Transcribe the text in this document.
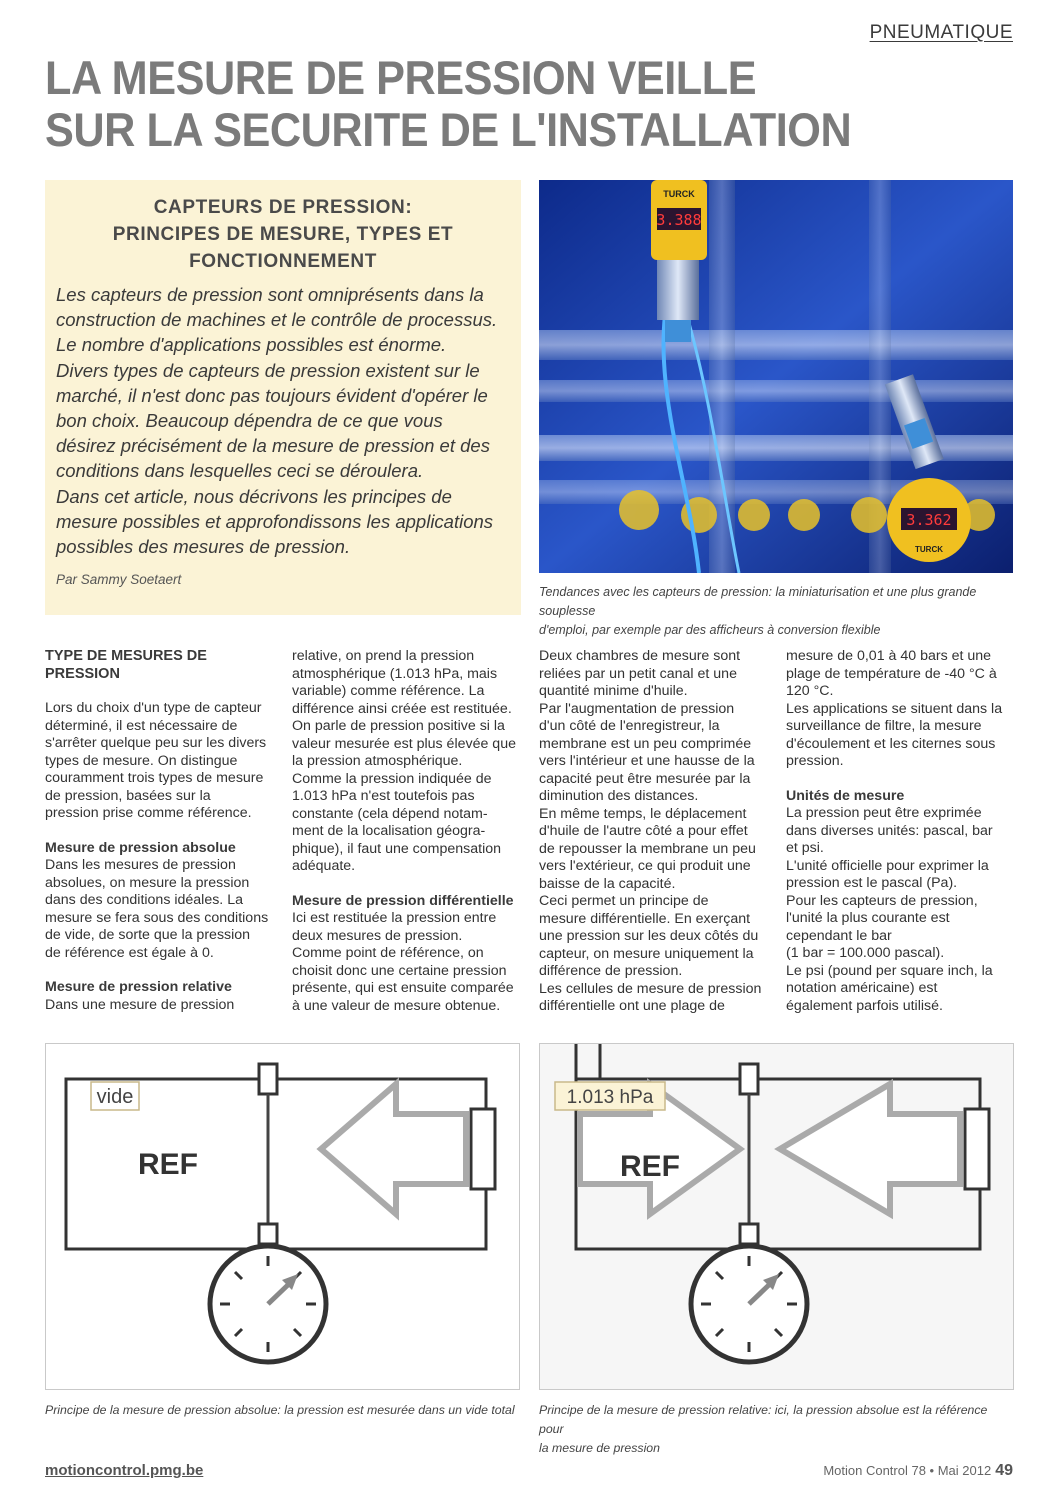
PNEUMATIQUE
LA MESURE DE PRESSION VEILLE
SUR LA SECURITE DE L'INSTALLATION
CAPTEURS DE PRESSION:
PRINCIPES DE MESURE, TYPES ET
FONCTIONNEMENT
Les capteurs de pression sont omniprésents dans la
construction de machines et le contrôle de processus.
Le nombre d'applications possibles est énorme.
Divers types de capteurs de pression existent sur le
marché, il n'est donc pas toujours évident d'opérer le
bon choix. Beaucoup dépendra de ce que vous
désirez précisément de la mesure de pression et des
conditions dans lesquelles ceci se déroulera.
Dans cet article, nous décrivons les principes de
mesure possibles et approfondissons les applications
possibles des mesures de pression.
Par Sammy Soetaert
3.388
TURCK
3.362
TURCK
Tendances avec les capteurs de pression: la miniaturisation et une plus grande souplesse
d'emploi, par exemple par des afficheurs à conversion flexible
TYPE DE MESURES DE
PRESSION
Lors du choix d'un type de capteur
déterminé, il est nécessaire de
s'arrêter quelque peu sur les divers
types de mesure. On distingue
couramment trois types de mesure
de pression, basées sur la
pression prise comme référence.
Mesure de pression absolue
Dans les mesures de pression
absolues, on mesure la pression
dans des conditions idéales. La
mesure se fera sous des conditions
de vide, de sorte que la pression
de référence est égale à 0.
Mesure de pression relative
Dans une mesure de pression
relative, on prend la pression
atmosphérique (1.013 hPa, mais
variable) comme référence. La
différence ainsi créée est restituée.
On parle de pression positive si la
valeur mesurée est plus élevée que
la pression atmosphérique.
Comme la pression indiquée de
1.013 hPa n'est toutefois pas
constante (cela dépend notam-
ment de la localisation géogra-
phique), il faut une compensation
adéquate.
Mesure de pression différentielle
Ici est restituée la pression entre
deux mesures de pression.
Comme point de référence, on
choisit donc une certaine pression
présente, qui est ensuite comparée
à une valeur de mesure obtenue.
Deux chambres de mesure sont
reliées par un petit canal et une
quantité minime d'huile.
Par l'augmentation de pression
d'un côté de l'enregistreur, la
membrane est un peu comprimée
vers l'intérieur et une hausse de la
capacité peut être mesurée par la
diminution des distances.
En même temps, le déplacement
d'huile de l'autre côté a pour effet
de repousser la membrane un peu
vers l'extérieur, ce qui produit une
baisse de la capacité.
Ceci permet un principe de
mesure différentielle. En exerçant
une pression sur les deux côtés du
capteur, on mesure uniquement la
différence de pression.
Les cellules de mesure de pression
différentielle ont une plage de
mesure de 0,01 à 40 bars et une
plage de température de -40 °C à
120 °C.
Les applications se situent dans la
surveillance de filtre, la mesure
d'écoulement et les citernes sous
pression.
Unités de mesure
La pression peut être exprimée
dans diverses unités: pascal, bar
et psi.
L'unité officielle pour exprimer la
pression est le pascal (Pa).
Pour les capteurs de pression,
l'unité la plus courante est
cependant le bar
(1 bar = 100.000 pascal).
Le psi (pound per square inch, la
notation américaine) est
également parfois utilisé.
vide
REF
Principe de la mesure de pression absolue: la pression est mesurée dans un vide total
1.013 hPa
REF
Principe de la mesure de pression relative: ici, la pression absolue est la référence pour
la mesure de pression
motioncontrol.pmg.be	Motion Control 78 • Mai 2012 49
